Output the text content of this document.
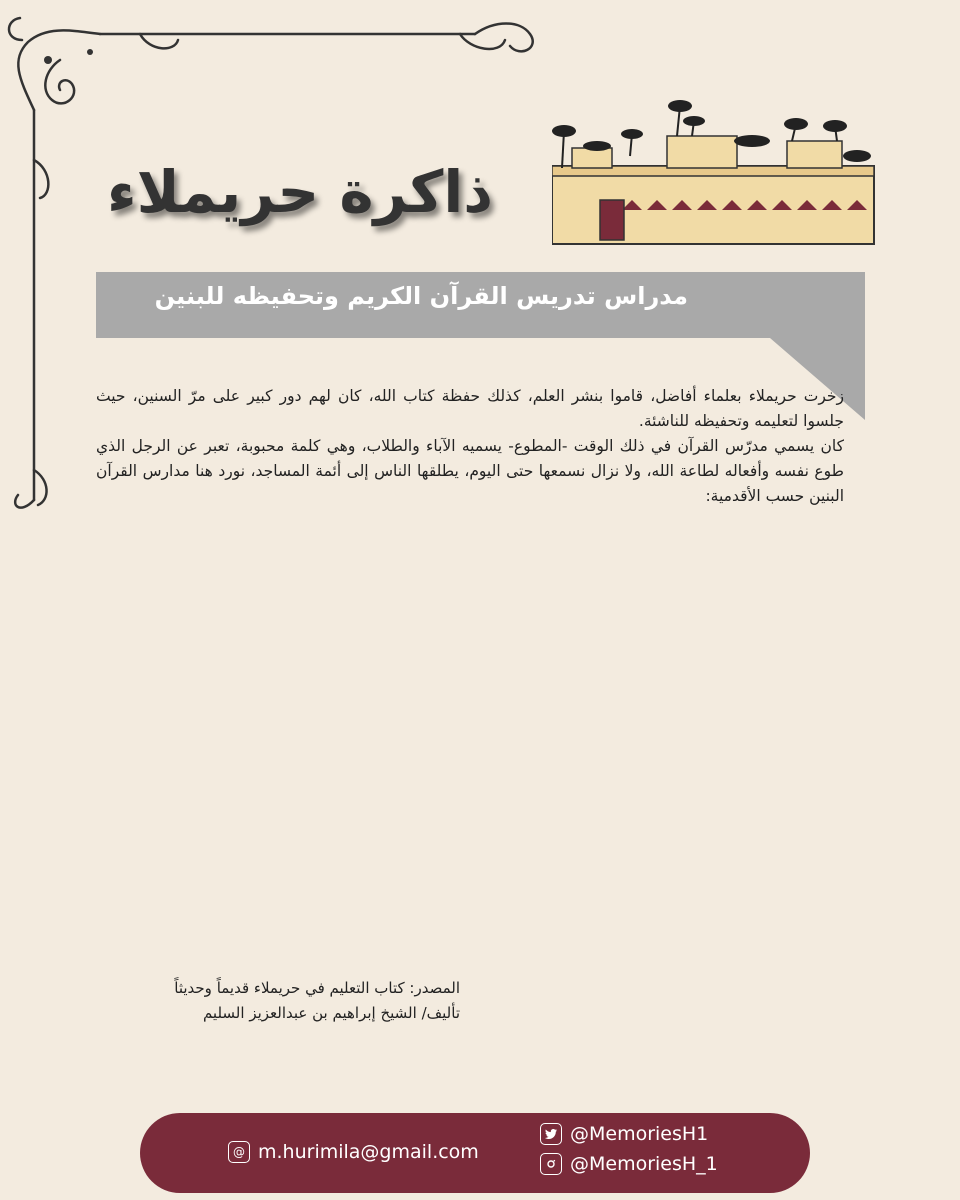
ذاكرة حريملاء
مدراس تدريس القرآن الكريم وتحفيظه للبنين

زخرت حريملاء بعلماء أفاضل، قاموا بنشر العلم، كذلك حفظة كتاب الله، كان لهم دور كبير على مرّ السنين، حيث جلسوا لتعليمه وتحفيظه للناشئة.

كان يسمي مدرّس القرآن في ذلك الوقت -المطوع- يسميه الآباء والطلاب، وهي كلمة محبوبة، تعبر عن الرجل الذي طوع نفسه وأفعاله لطاعة الله، ولا نزال نسمعها حتى اليوم، يطلقها الناس إلى أئمة المساجد، نورد هنا مدارس القرآن البنين حسب الأقدمية:

المصدر: كتاب التعليم في حريملاء قديماً وحديثاً
تأليف/ الشيخ إبراهيم بن عبدالعزيز السليم
@ m.hurimila@gmail.com
@MemoriesH1
@MemoriesH_1
